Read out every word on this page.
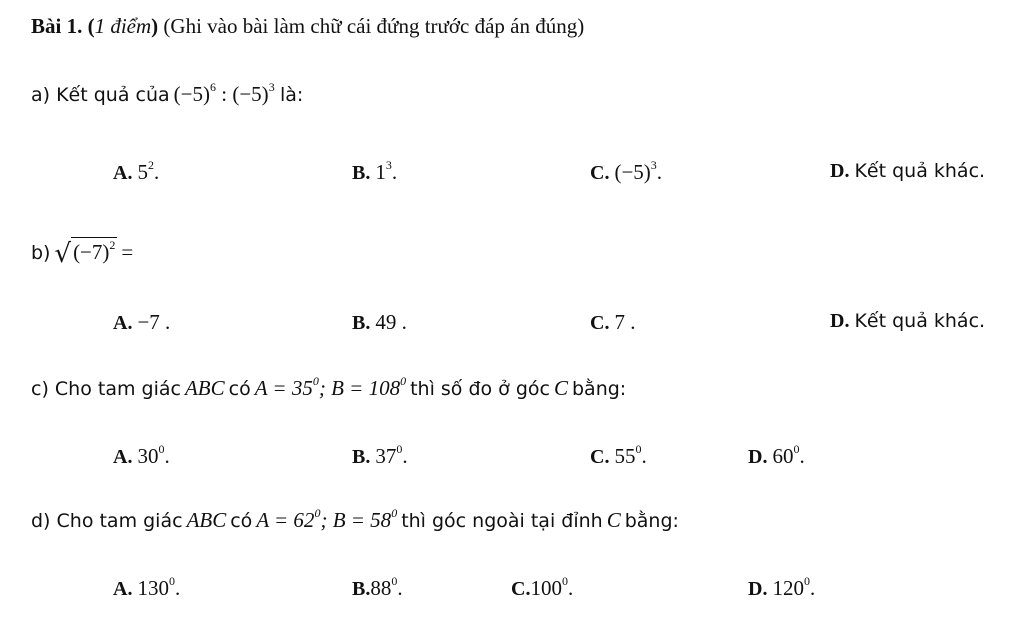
Bài 1. (1 điểm) (Ghi vào bài làm chữ cái đứng trước đáp án đúng)
a) Kết quả của $(-5)^6$ : $(-5)^3$ là:
A. $5^2$.	B. $1^3$.	C. $(-5)^3$.	D. Kết quả khác.
b) $√(-7)^2$ =
A. −7 .	B. 49 .	C. 7 .	D. Kết quả khác.
c) Cho tam giác ABC có $A = 35^0$; $B = 108^0$ thì số đo ở góc C bằng:
A. $30^0$.	B. $37^0$.	C. $55^0$.	D. $60^0$.
d) Cho tam giác ABC có $A = 62^0$; $B = 58^0$ thì góc ngoài tại đỉnh C bằng:
A. $130^0$.	$B.88^0$.	C.100$^0$.	D. $120^0$.
